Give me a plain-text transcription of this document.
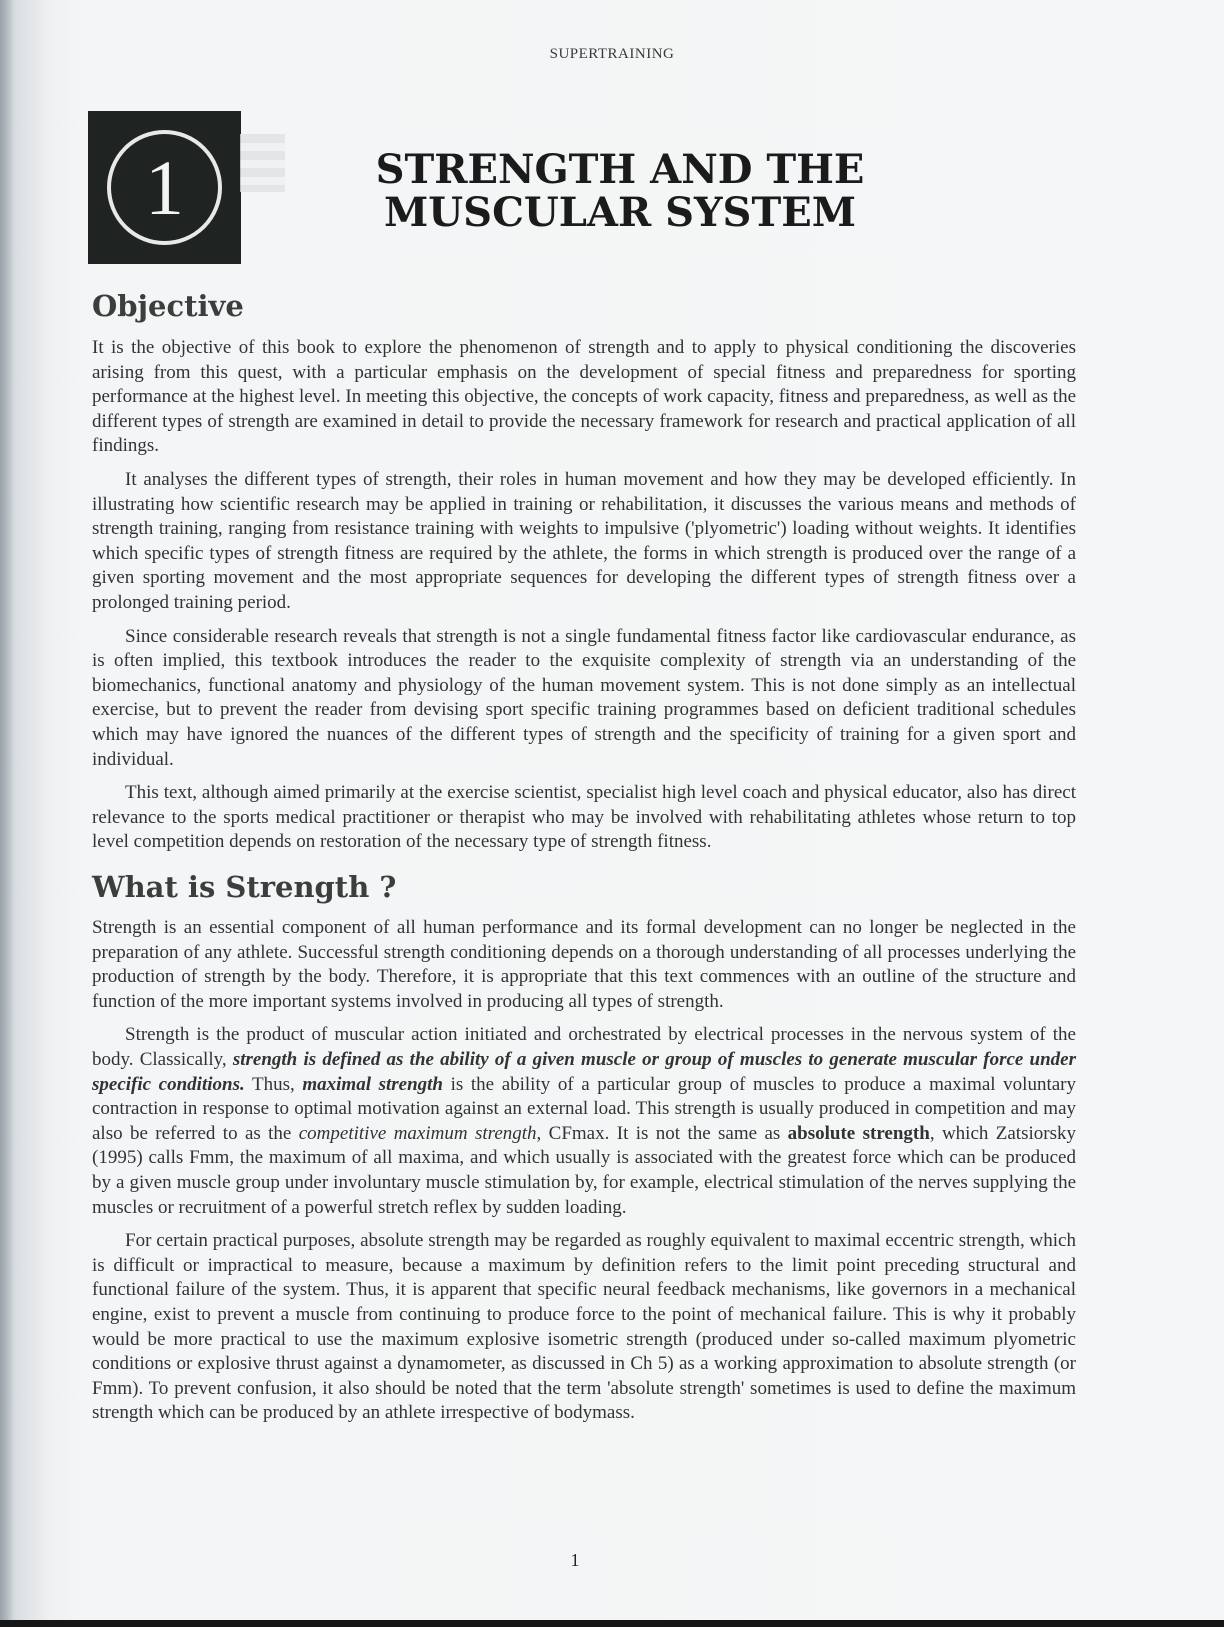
SUPERTRAINING
1	STRENGTH AND THE
MUSCULAR SYSTEM
Objective

It is the objective of this book to explore the phenomenon of strength and to apply to physical conditioning the discoveries arising from this quest, with a particular emphasis on the development of special fitness and preparedness for sporting performance at the highest level. In meeting this objective, the concepts of work capacity, fitness and preparedness, as well as the different types of strength are examined in detail to provide the necessary framework for research and practical application of all findings.

It analyses the different types of strength, their roles in human movement and how they may be developed efficiently. In illustrating how scientific research may be applied in training or rehabilitation, it discusses the various means and methods of strength training, ranging from resistance training with weights to impulsive ('plyometric') loading without weights. It identifies which specific types of strength fitness are required by the athlete, the forms in which strength is produced over the range of a given sporting movement and the most appropriate sequences for developing the different types of strength fitness over a prolonged training period.

Since considerable research reveals that strength is not a single fundamental fitness factor like cardiovascular endurance, as is often implied, this textbook introduces the reader to the exquisite complexity of strength via an understanding of the biomechanics, functional anatomy and physiology of the human movement system. This is not done simply as an intellectual exercise, but to prevent the reader from devising sport specific training programmes based on deficient traditional schedules which may have ignored the nuances of the different types of strength and the specificity of training for a given sport and individual.

This text, although aimed primarily at the exercise scientist, specialist high level coach and physical educator, also has direct relevance to the sports medical practitioner or therapist who may be involved with rehabilitating athletes whose return to top level competition depends on restoration of the necessary type of strength fitness.

What is Strength ?

Strength is an essential component of all human performance and its formal development can no longer be neglected in the preparation of any athlete. Successful strength conditioning depends on a thorough understanding of all processes underlying the production of strength by the body. Therefore, it is appropriate that this text commences with an outline of the structure and function of the more important systems involved in producing all types of strength.

Strength is the product of muscular action initiated and orchestrated by electrical processes in the nervous system of the body. Classically, strength is defined as the ability of a given muscle or group of muscles to generate muscular force under specific conditions. Thus, maximal strength is the ability of a particular group of muscles to produce a maximal voluntary contraction in response to optimal motivation against an external load. This strength is usually produced in competition and may also be referred to as the competitive maximum strength, CFmax. It is not the same as absolute strength, which Zatsiorsky (1995) calls Fmm, the maximum of all maxima, and which usually is associated with the greatest force which can be produced by a given muscle group under involuntary muscle stimulation by, for example, electrical stimulation of the nerves supplying the muscles or recruitment of a powerful stretch reflex by sudden loading.

For certain practical purposes, absolute strength may be regarded as roughly equivalent to maximal eccentric strength, which is difficult or impractical to measure, because a maximum by definition refers to the limit point preceding structural and functional failure of the system. Thus, it is apparent that specific neural feedback mechanisms, like governors in a mechanical engine, exist to prevent a muscle from continuing to produce force to the point of mechanical failure. This is why it probably would be more practical to use the maximum explosive isometric strength (produced under so-called maximum plyometric conditions or explosive thrust against a dynamometer, as discussed in Ch 5) as a working approximation to absolute strength (or Fmm). To prevent confusion, it also should be noted that the term 'absolute strength' sometimes is used to define the maximum strength which can be produced by an athlete irrespective of bodymass.

1
